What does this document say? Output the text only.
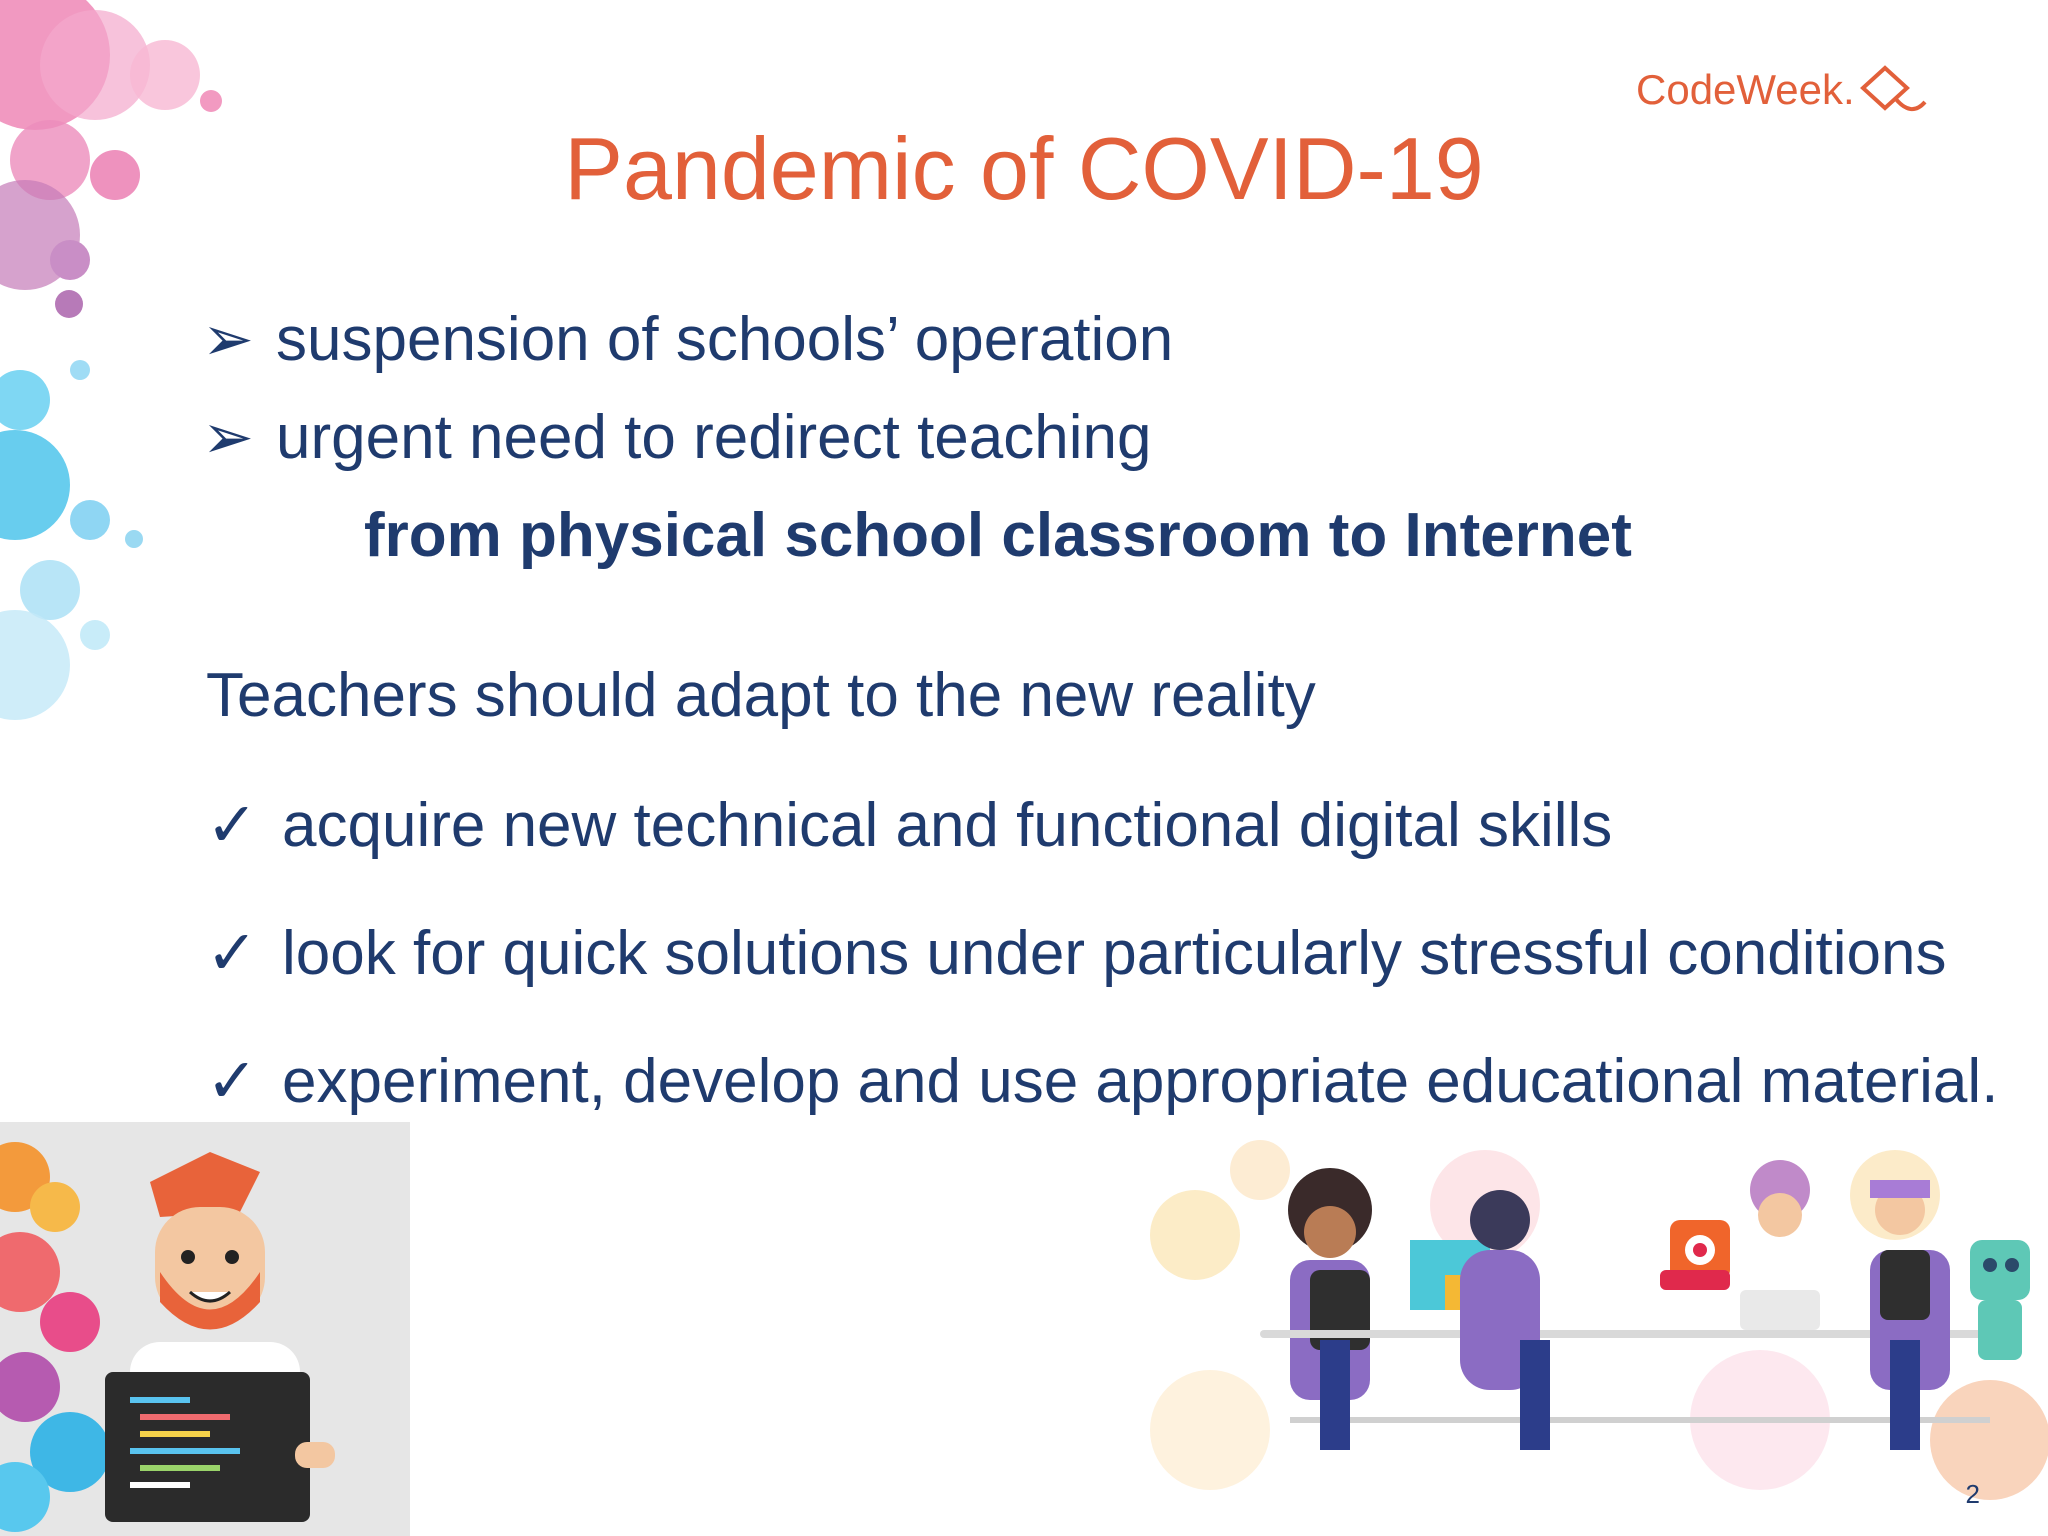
CodeWeek.
Pandemic of COVID-19
➢ suspension of schools’ operation
➢ urgent need to redirect teaching
from physical school classroom to Internet
Teachers should adapt to the new reality
✓ acquire new technical and functional digital skills
✓ look for quick solutions under particularly stressful conditions
✓ experiment, develop and use appropriate educational material.
2
